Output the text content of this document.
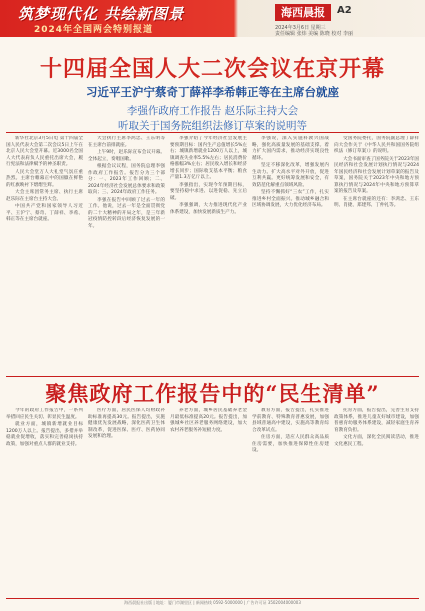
筑梦现代化 共绘新图景
2024年全国两会特别报道
海西晨报	A2
2024年3月6日 星期三
责任编辑 张炜 美编 陈晓 校对 李丽
十四届全国人大二次会议在京开幕
习近平王沪宁蔡奇丁薛祥李希韩正等在主席台就座
李强作政府工作报告 赵乐际主持大会
听取关于国务院组织法修订草案的说明等

新华社北京3月5日电 第十四届全国人民代表大会第二次会议5日上午在北京人民大会堂开幕。近3000名全国人大代表肩负人民重托出席大会，履行宪法和法律赋予的神圣职责。

人民大会堂万人大礼堂气氛庄重热烈。主席台帷幕正中的国徽在鲜艳的红旗映衬下熠熠生辉。

大会主席团常务主席、执行主席赵乐际在主席台主持大会。

中国共产党和国家领导人习近平、王沪宁、蔡奇、丁薛祥、李希、韩正等在主席台就座。

大会执行主席李鸿忠、王东明等在主席台前排就座。

上午9时，赵乐际宣布会议开幕。全体起立，奏唱国歌。

根据会议议程，国务院总理李强作政府工作报告。报告分为三个部分：一、2023年工作回顾；二、2024年经济社会发展总体要求和政策取向；三、2024年政府工作任务。

李强在报告中回顾了过去一年的工作。他说，过去一年是全面贯彻党的二十大精神的开局之年，是三年新冠疫情防控转段后经济恢复发展的一年。

李强介绍了今年经济社会发展主要预期目标：国内生产总值增长5%左右；城镇新增就业1200万人以上，城镇调查失业率5.5%左右；居民消费价格涨幅3%左右；居民收入增长和经济增长同步；国际收支基本平衡；粮食产量1.3万亿斤以上。

李强指出，实现今年预期目标，要坚持稳中求进、以进促稳、先立后破。

李强强调，大力推进现代化产业体系建设，加快发展新质生产力。

李强说，深入实施科教兴国战略，强化高质量发展的基础支撑。着力扩大国内需求，推动经济实现良性循环。

坚定不移深化改革，增强发展内生动力。扩大高水平对外开放，促进互利共赢。更好统筹发展和安全，有效防范化解重点领域风险。

坚持不懈抓好“三农”工作，扎实推进乡村全面振兴。推动城乡融合和区域协调发展，大力优化经济布局。

受国务院委托，国务院副总理丁薛祥向大会作关于《中华人民共和国国务院组织法（修订草案）》的说明。

大会书面审查了国务院关于2023年国民经济和社会发展计划执行情况与2024年国民经济和社会发展计划草案的报告及草案，国务院关于2023年中央和地方预算执行情况与2024年中央和地方预算草案的报告及草案。

在主席台就座的还有：李鸿忠、王东明、肖捷、郑建邦、丁仲礼等。

聚焦政府工作报告中的“民生清单”

今年的政府工作报告中，一系列举措回应民生关切、彰显民生温度。

就业方面，城镇新增就业目标1200万人以上。报告提出，多措并举稳就业促增收，落实和完善稳岗扶持政策，加强对重点人群的就业支持。

医疗方面，居民医保人均财政补助标准再提高30元。报告提出，实施健康优先发展战略，深化医药卫生体制改革，促进医保、医疗、医药协同发展和治理。

养老方面，城乡居民基础养老金月最低标准提高20元。报告提出，加强城乡社区养老服务网络建设，加大农村养老服务补短板力度。

教育方面，报告提出，扎实推进学前教育、特殊教育普惠发展，加强县域普通高中建设，实施高等教育综合改革试点。

住房方面，适应人民群众高品质住房需要，加快推进保障性住房建设。

托育方面，报告提出，完善生育支持政策体系，推进儿童友好城市建设，加强普惠育幼服务体系建设，减轻家庭生育养育教育负担。

文化方面，深化全民阅读活动，推进文化惠民工程。

海西晨报社出版 | 地址：厦门市湖里区 | 新闻热线 0592-5000000 | 广告许可证 3502004000003
